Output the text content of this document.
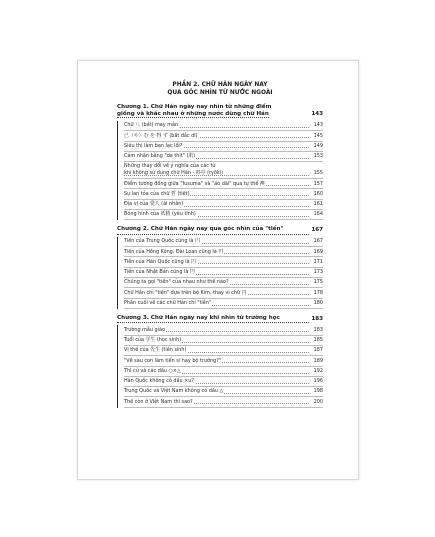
PHẦN 2. CHỮ HÁN NGÀY NAY
QUA GÓC NHÌN TỪ NƯỚC NGOÀI
Chương 1. Chữ Hán ngày nay nhìn từ những điểm
giống và khác nhau ở những nước dùng chữ Hán	143
Chữ 八 (bát) may mắn	143
已（や）む を 得 ず (bất đắc dĩ)	145
Siêu thị làm bạn lạc lối?	149
Cảm nhận bằng "da thịt" (肌)	153
Những thay đổi về ý nghĩa của các từ
khi không sử dụng chữ Hán - 料亭 (ryōki)	155
Điểm tương đồng giữa "fusuma" và "áo dài" qua tự thể 襖	157
Sự lan tỏa của chữ 哲 (tiết)	160
Địa vị của 愛人 (ái nhân)	161
Bóng hình của 妖精 (yêu tinh)	164
Chương 2. Chữ Hán ngày nay qua góc nhìn của "tiền"	167
Tiền của Trung Quốc cũng là 円	167
Tiền của Hồng Kông, Đài Loan cũng là 円	169
Tiền của Hàn Quốc cũng là 円	171
Tiền của Nhật Bản cũng là 円	173
Chúng ta gọi "tiền" của nhau như thế nào?	175
Chữ Hán chỉ "tiền" dựa trên bộ Kim, thay vì chữ 円	178
Phần cuối về các chữ Hán chỉ "tiền"	180
Chương 3. Chữ Hán ngày nay khi nhìn từ trường học	183
Trường mẫu giáo	183
Tuổi của 学生 (học sinh)	185
Vị thế của 先生 (tiên sinh)	187
"Về sau con làm tiến sĩ hay bộ trưởng?"	189
Thi cử và các dấu ○×△	192
Hàn Quốc không có dấu ×ư?	196
Trung Quốc và Việt Nam không có dấu △	198
Thế còn ở Việt Nam thì sao?	200
